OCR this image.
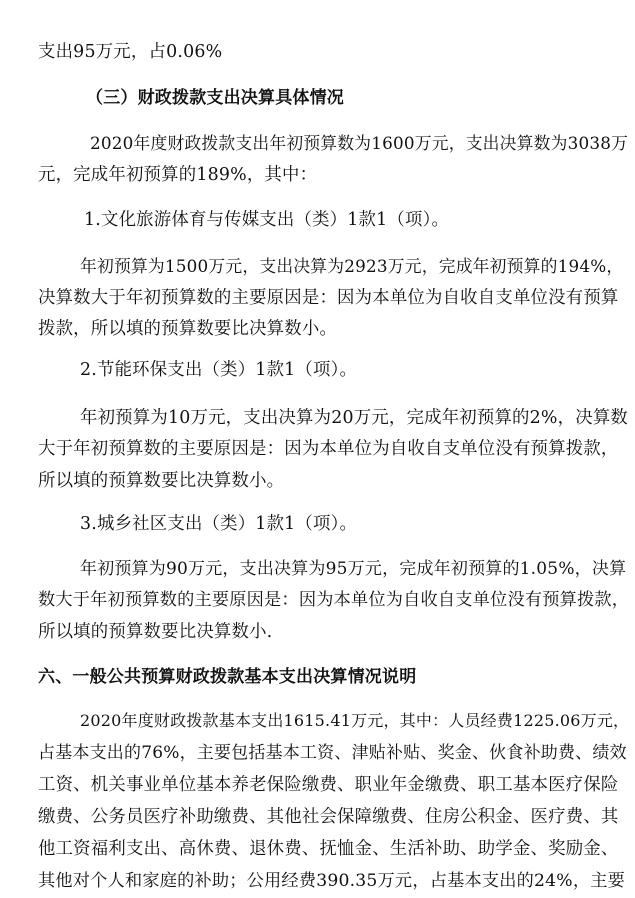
支出95万元，占0.06%
（三）财政拨款支出决算具体情况
2020年度财政拨款支出年初预算数为1600万元，支出决算数为3038万
元，完成年初预算的189%，其中：
1.文化旅游体育与传媒支出（类）1款1（项）。
年初预算为1500万元，支出决算为2923万元，完成年初预算的194%，
决算数大于年初预算数的主要原因是：因为本单位为自收自支单位没有预算
拨款，所以填的预算数要比决算数小。
2.节能环保支出（类）1款1（项）。
年初预算为10万元，支出决算为20万元，完成年初预算的2%，决算数
大于年初预算数的主要原因是：因为本单位为自收自支单位没有预算拨款，
所以填的预算数要比决算数小。
3.城乡社区支出（类）1款1（项）。
年初预算为90万元，支出决算为95万元，完成年初预算的1.05%，决算
数大于年初预算数的主要原因是：因为本单位为自收自支单位没有预算拨款，
所以填的预算数要比决算数小.
六、一般公共预算财政拨款基本支出决算情况说明
2020年度财政拨款基本支出1615.41万元，其中：人员经费1225.06万元，
占基本支出的76%，主要包括基本工资、津贴补贴、奖金、伙食补助费、绩效
工资、机关事业单位基本养老保险缴费、职业年金缴费、职工基本医疗保险
缴费、公务员医疗补助缴费、其他社会保障缴费、住房公积金、医疗费、其
他工资福利支出、高休费、退休费、抚恤金、生活补助、助学金、奖励金、
其他对个人和家庭的补助；公用经费390.35万元，占基本支出的24%，主要
